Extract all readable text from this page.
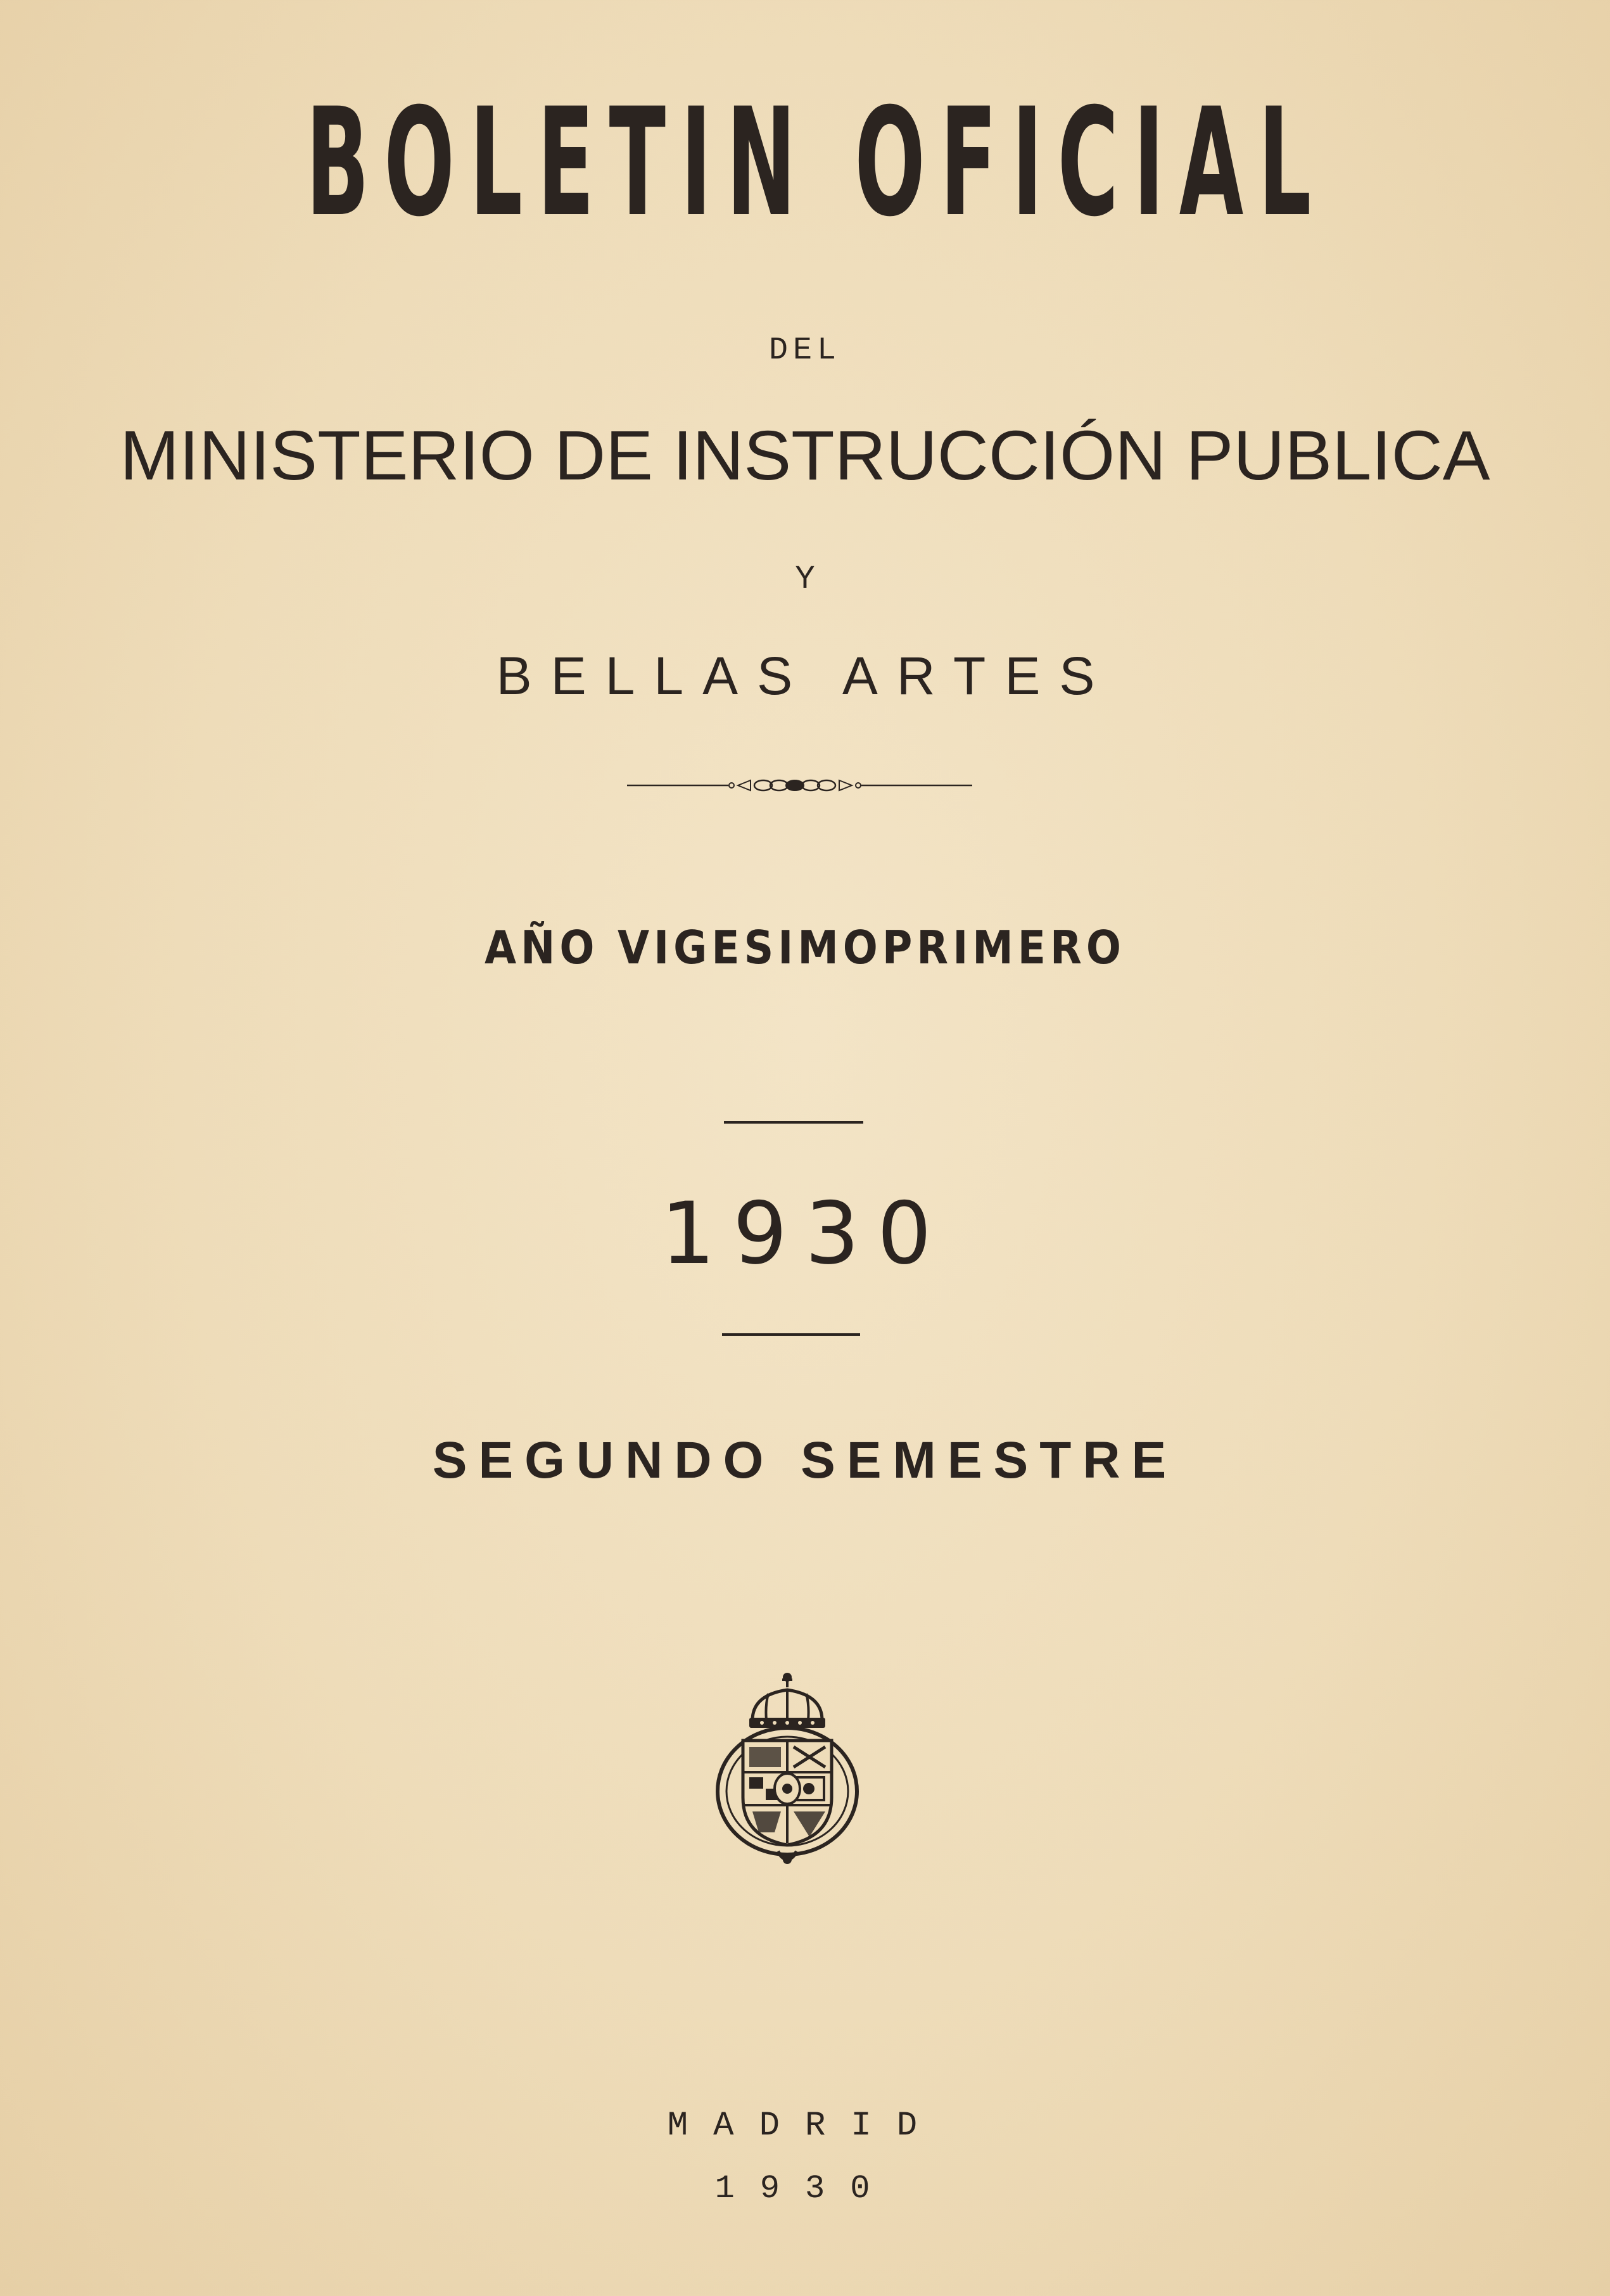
BOLETIN OFICIAL
DEL
MINISTERIO DE INSTRUCCIÓN PUBLICA
Y
BELLAS ARTES
AÑO VIGESIMOPRIMERO
1930
SEGUNDO SEMESTRE
MADRID
1930
